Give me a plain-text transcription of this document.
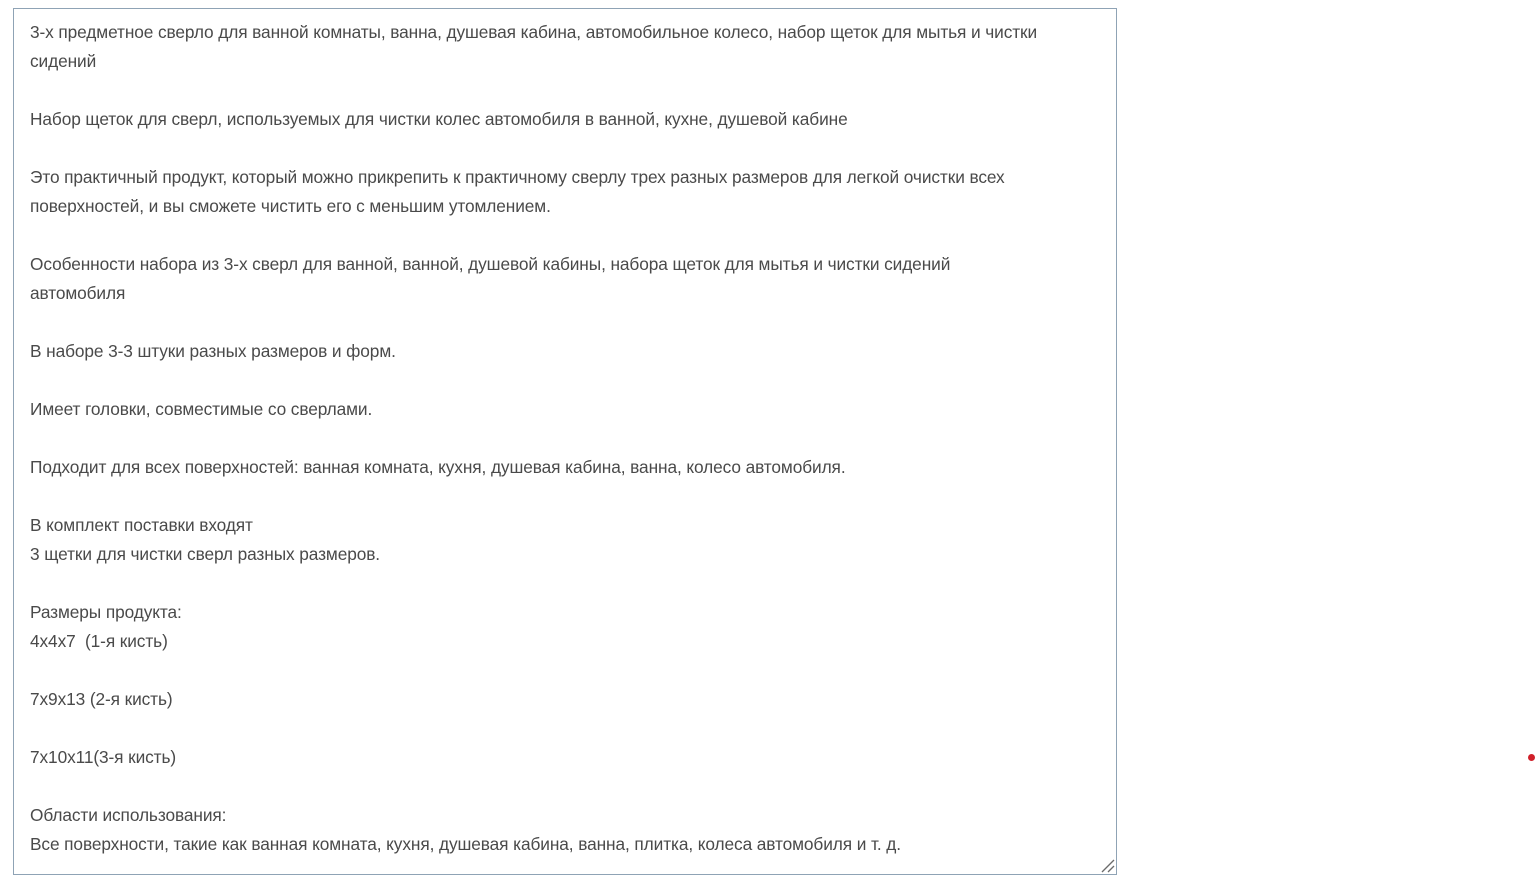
3-х предметное сверло для ванной комнаты, ванна, душевая кабина, автомобильное колесо, набор щеток для мытья и чистки
сидений
Набор щеток для сверл, используемых для чистки колес автомобиля в ванной, кухне, душевой кабине
Это практичный продукт, который можно прикрепить к практичному сверлу трех разных размеров для легкой очистки всех
поверхностей, и вы сможете чистить его с меньшим утомлением.
Особенности набора из 3-х сверл для ванной, ванной, душевой кабины, набора щеток для мытья и чистки сидений
автомобиля
В наборе 3-3 штуки разных размеров и форм.
Имеет головки, совместимые со сверлами.
Подходит для всех поверхностей: ванная комната, кухня, душевая кабина, ванна, колесо автомобиля.
В комплект поставки входят
3 щетки для чистки сверл разных размеров.
Размеры продукта:
4x4x7  (1-я кисть)
7x9x13 (2-я кисть)
7x10x11(3-я кисть)
Области использования:
Все поверхности, такие как ванная комната, кухня, душевая кабина, ванна, плитка, колеса автомобиля и т. д.
